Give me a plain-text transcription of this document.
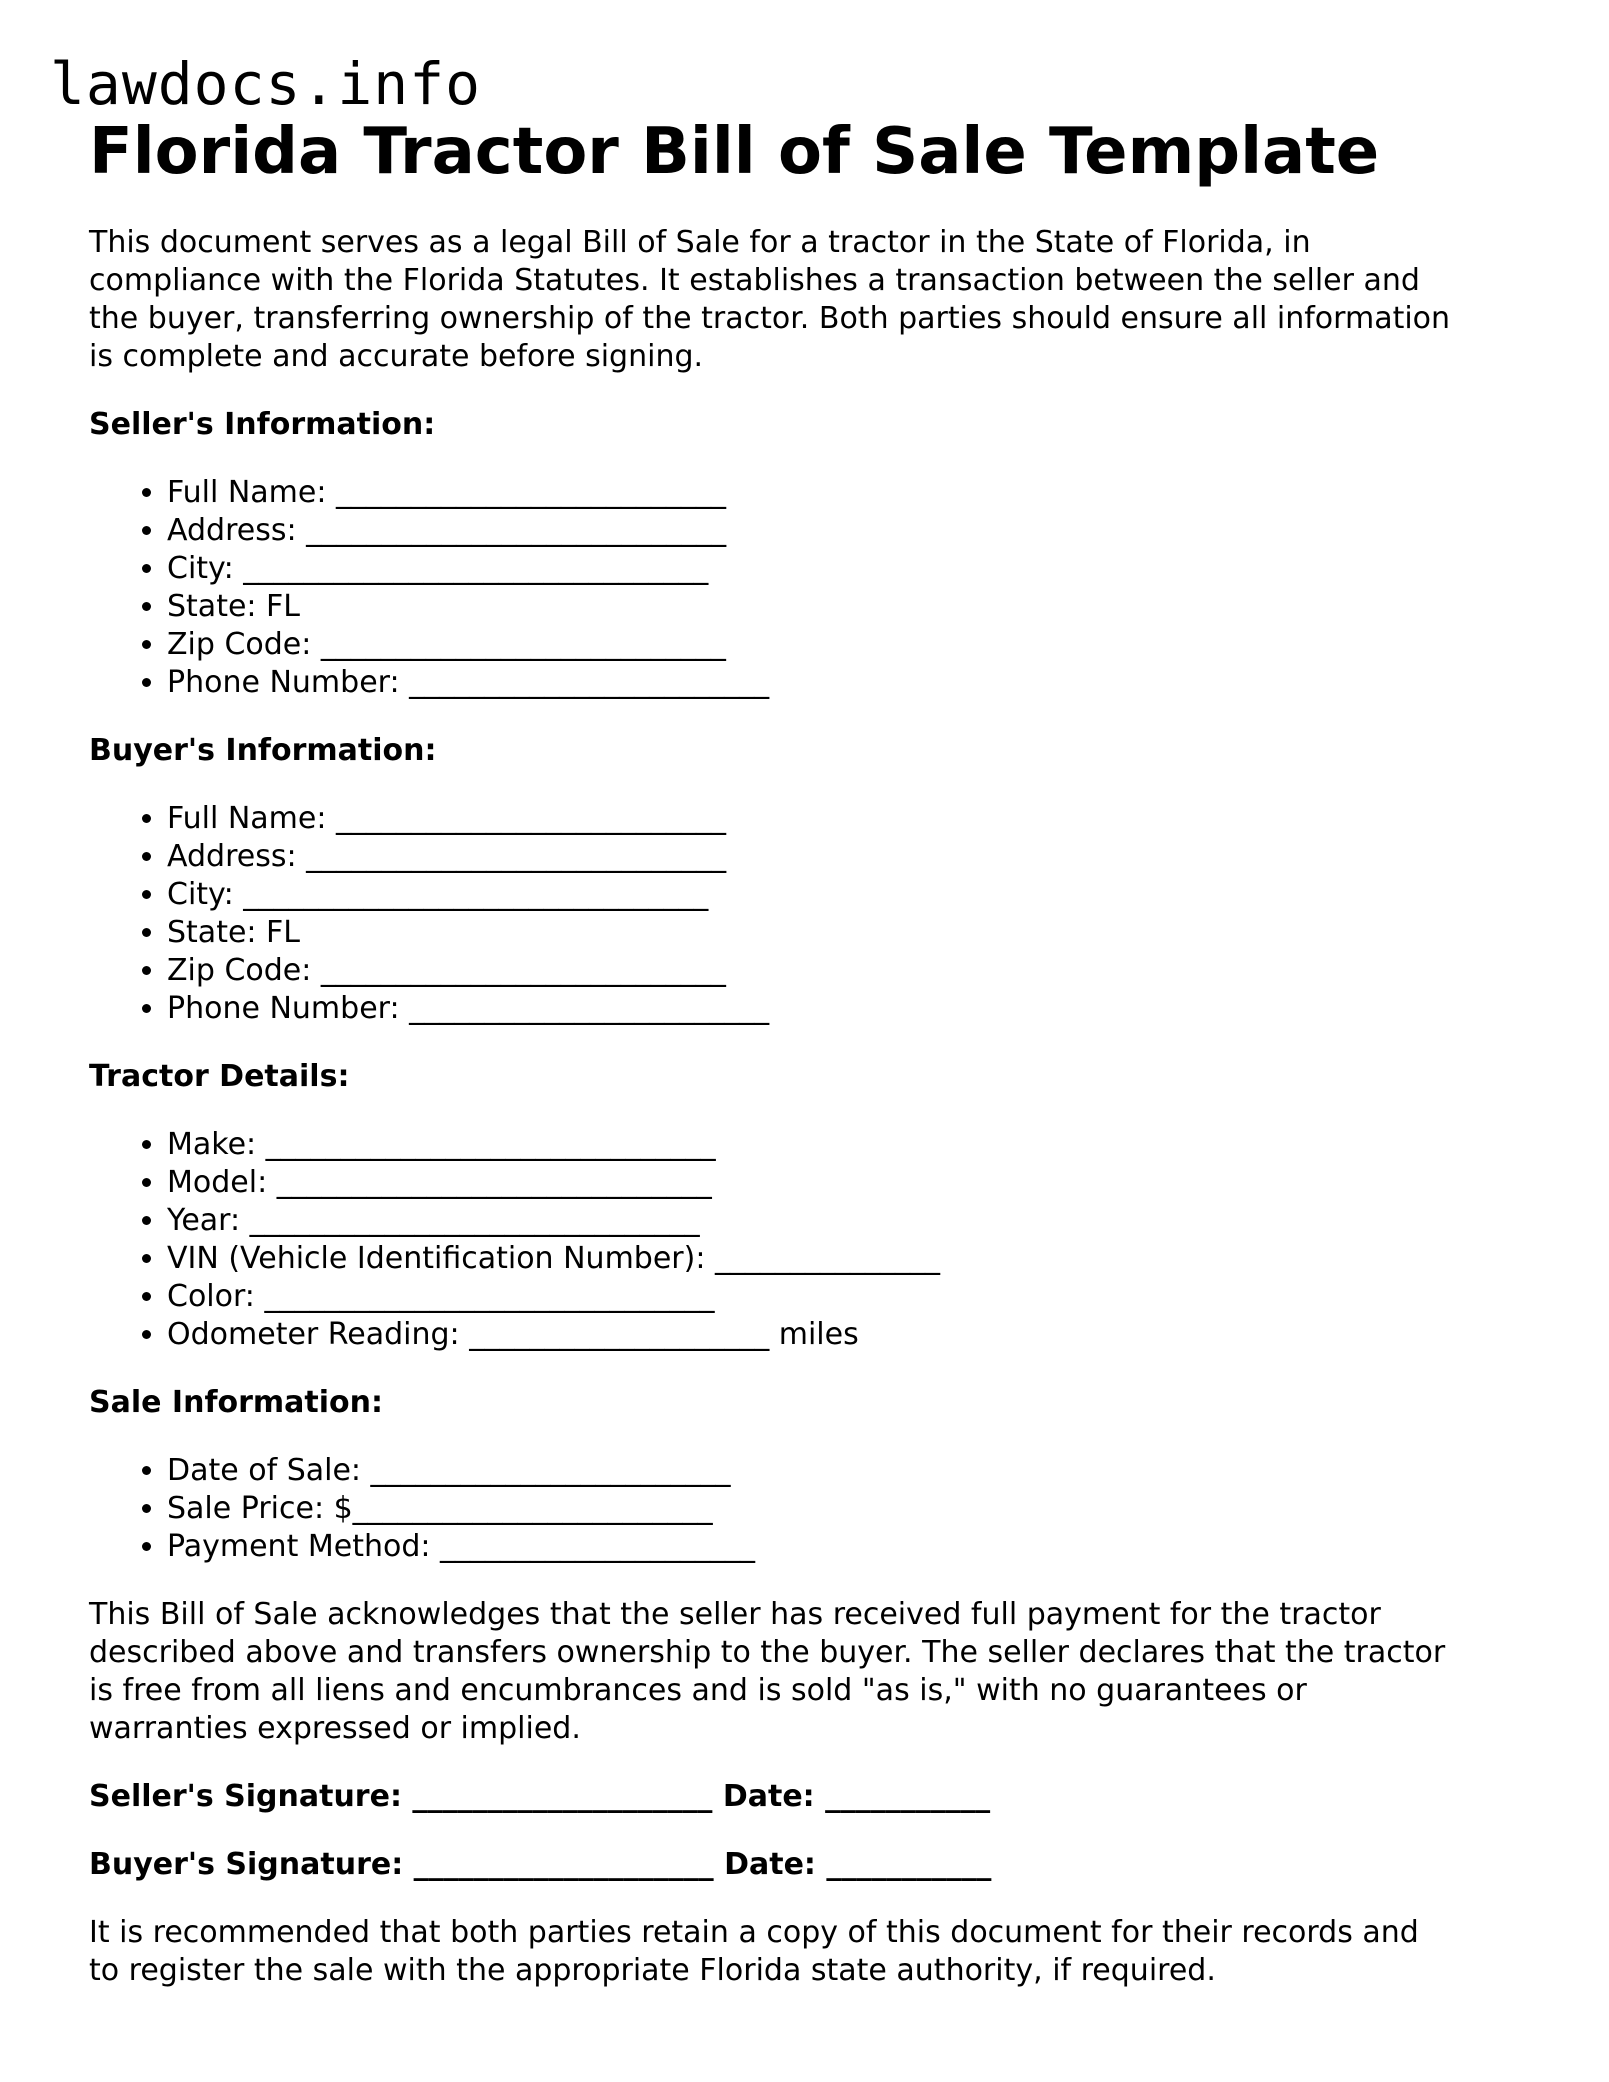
lawdocs.info
Florida Tractor Bill of Sale Template

This document serves as a legal Bill of Sale for a tractor in the State of Florida, in
compliance with the Florida Statutes. It establishes a transaction between the seller and
the buyer, transferring ownership of the tractor. Both parties should ensure all information
is complete and accurate before signing.

Seller's Information:

• Full Name: __________________________
• Address: ____________________________
• City: _______________________________
• State: FL
• Zip Code: ___________________________
• Phone Number: ________________________

Buyer's Information:

• Full Name: __________________________
• Address: ____________________________
• City: _______________________________
• State: FL
• Zip Code: ___________________________
• Phone Number: ________________________

Tractor Details:

• Make: ______________________________
• Model: _____________________________
• Year: ______________________________
• VIN (Vehicle Identification Number): _______________
• Color: ______________________________
• Odometer Reading: ____________________ miles

Sale Information:

• Date of Sale: ________________________
• Sale Price: $________________________
• Payment Method: _____________________

This Bill of Sale acknowledges that the seller has received full payment for the tractor
described above and transfers ownership to the buyer. The seller declares that the tractor
is free from all liens and encumbrances and is sold "as is," with no guarantees or
warranties expressed or implied.

Seller's Signature: ____________________ Date: ___________

Buyer's Signature: ____________________ Date: ___________

It is recommended that both parties retain a copy of this document for their records and
to register the sale with the appropriate Florida state authority, if required.
